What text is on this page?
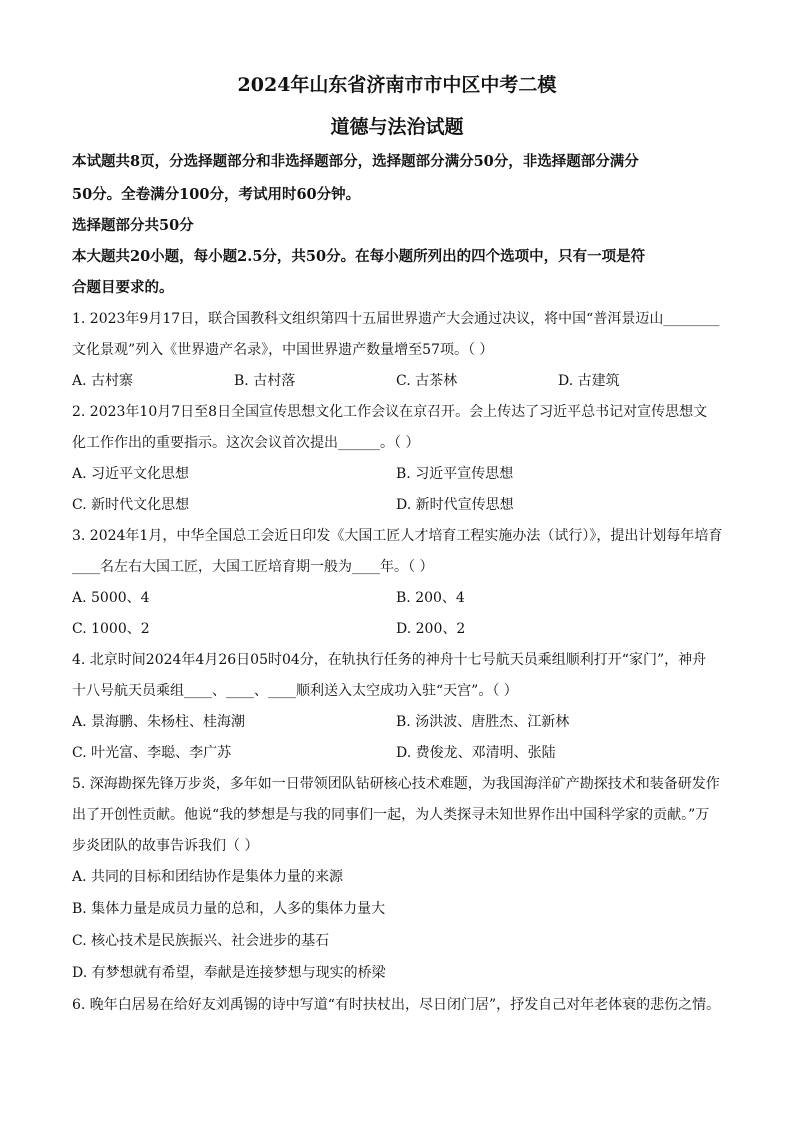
2024年山东省济南市市中区中考二模
道德与法治试题
本试题共8页，分选择题部分和非选择题部分，选择题部分满分50分，非选择题部分满分
50分。全卷满分100分，考试用时60分钟。
选择题部分共50分
本大题共20小题，每小题2.5分，共50分。在每小题所列出的四个选项中，只有一项是符
合题目要求的。
1. 2023年9月17日，联合国教科文组织第四十五届世界遗产大会通过决议，将中国“普洱景迈山________
文化景观”列入《世界遗产名录》，中国世界遗产数量增至57项。（ ）
A. 古村寨	B. 古村落	C. 古茶林	D. 古建筑
2. 2023年10月7日至8日全国宣传思想文化工作会议在京召开。会上传达了习近平总书记对宣传思想文
化工作作出的重要指示。这次会议首次提出______。（ ）
A. 习近平文化思想	B. 习近平宣传思想
C. 新时代文化思想	D. 新时代宣传思想
3. 2024年1月，中华全国总工会近日印发《大国工匠人才培育工程实施办法（试行）》，提出计划每年培育
____名左右大国工匠，大国工匠培育期一般为____年。（ ）
A. 5000、4	B. 200、4
C. 1000、2	D. 200、2
4. 北京时间2024年4月26日05时04分，在轨执行任务的神舟十七号航天员乘组顺利打开“家门”，神舟
十八号航天员乘组____、____、____顺利送入太空成功入驻“天宫”。（ ）
A. 景海鹏、朱杨柱、桂海潮	B. 汤洪波、唐胜杰、江新林
C. 叶光富、李聪、李广苏	D. 费俊龙、邓清明、张陆
5. 深海勘探先锋万步炎，多年如一日带领团队钻研核心技术难题，为我国海洋矿产勘探技术和装备研发作
出了开创性贡献。他说“我的梦想是与我的同事们一起，为人类探寻未知世界作出中国科学家的贡献。”万
步炎团队的故事告诉我们（ ）
A. 共同的目标和团结协作是集体力量的来源
B. 集体力量是成员力量的总和，人多的集体力量大
C. 核心技术是民族振兴、社会进步的基石
D. 有梦想就有希望，奉献是连接梦想与现实的桥梁
6. 晚年白居易在给好友刘禹锡的诗中写道“有时扶杖出，尽日闭门居”，抒发自己对年老体衰的悲伤之情。
